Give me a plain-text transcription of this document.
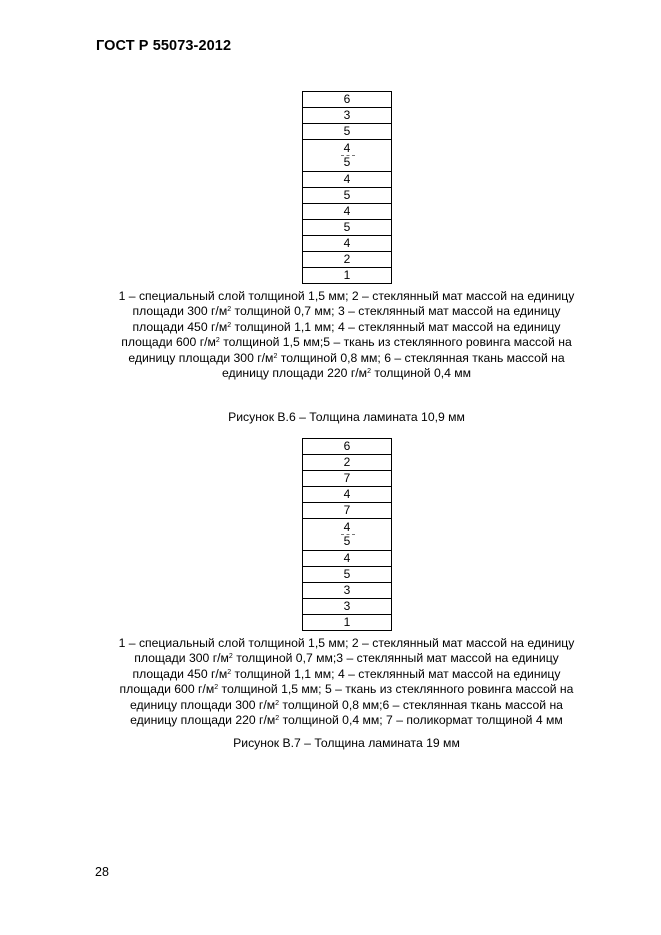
ГОСТ Р 55073-2012
6
3
5
4
5
4
5
4
5
4
2
1
1 – специальный слой толщиной 1,5 мм; 2 – стеклянный мат массой на единицу
площади 300 $г/м^2$ толщиной 0,7 мм; 3 – стеклянный мат массой на единицу
площади 450 $г/м^2$ толщиной 1,1 мм; 4 – стеклянный мат массой на единицу
площади 600 $г/м^2$ толщиной 1,5 мм;5 – ткань из стеклянного ровинга массой на
единицу площади 300 $г/м^2$ толщиной 0,8 мм; 6 – стеклянная ткань массой на
единицу площади 220 $г/м^2$ толщиной 0,4 мм
Рисунок В.6 – Толщина ламината 10,9 мм
6
2
7
4
7
4
5
4
5
3
3
1
1 – специальный слой толщиной 1,5 мм; 2 – стеклянный мат массой на единицу
площади 300 $г/м^2$ толщиной 0,7 мм;3 – стеклянный мат массой на единицу
площади 450 $г/м^2$ толщиной 1,1 мм; 4 – стеклянный мат массой на единицу
площади 600 $г/м^2$ толщиной 1,5 мм; 5 – ткань из стеклянного ровинга массой на
единицу площади 300 $г/м^2$ толщиной 0,8 мм;6 – стеклянная ткань массой на
единицу площади 220 $г/м^2$ толщиной 0,4 мм; 7 – поликормат толщиной 4 мм
Рисунок В.7 – Толщина ламината 19 мм
28
